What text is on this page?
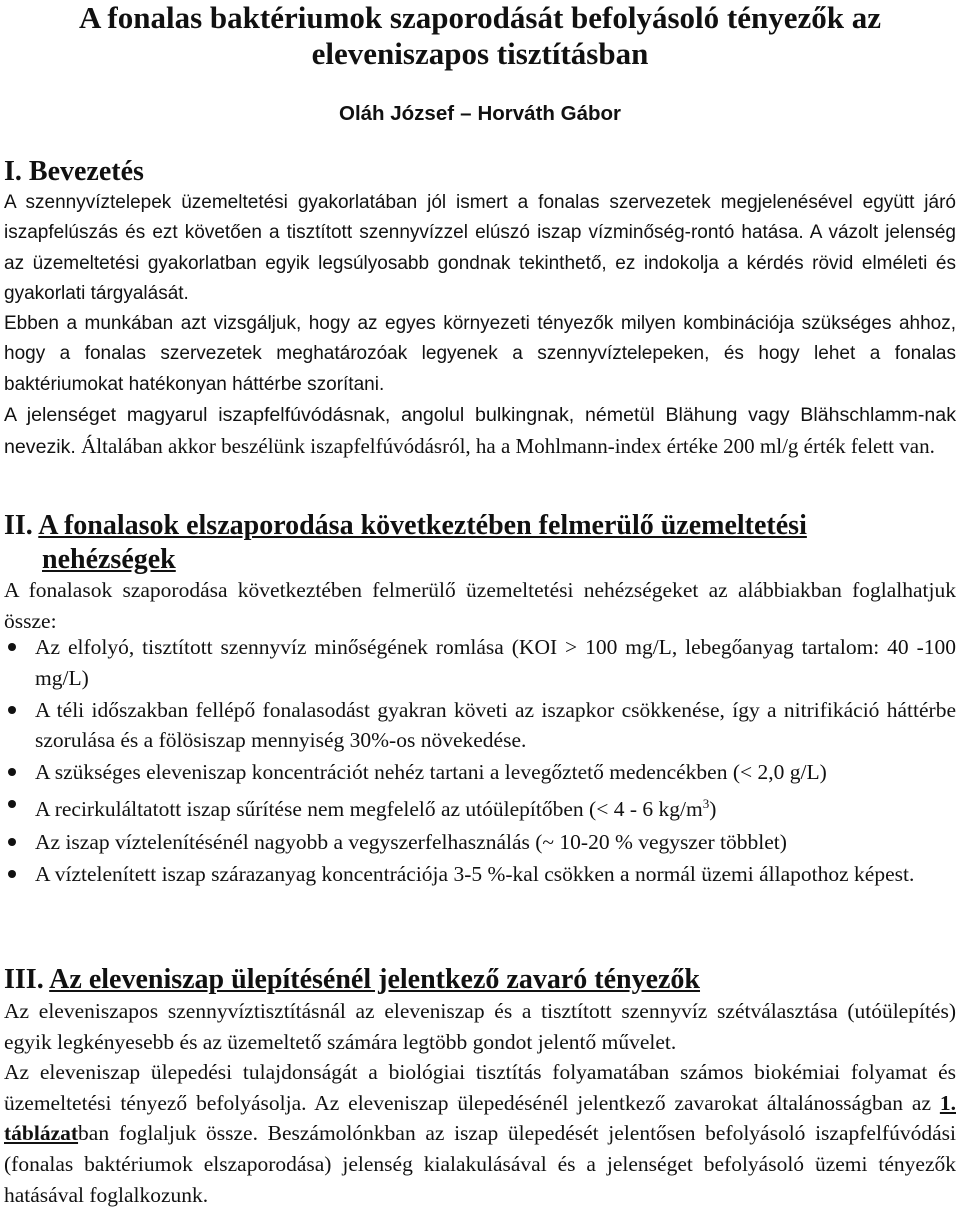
A fonalas baktériumok szaporodását befolyásoló tényezők az eleveniszapos tisztításban

Oláh József – Horváth Gábor

I. Bevezetés

A szennyvíztelepek üzemeltetési gyakorlatában jól ismert a fonalas szervezetek megjelenésével együtt járó iszapfelúszás és ezt követően a tisztított szennyvízzel elúszó iszap vízminőség-rontó hatása. A vázolt jelenség az üzemeltetési gyakorlatban egyik legsúlyosabb gondnak tekinthető, ez indokolja a kérdés rövid elméleti és gyakorlati tárgyalását.

Ebben a munkában azt vizsgáljuk, hogy az egyes környezeti tényezők milyen kombinációja szükséges ahhoz, hogy a fonalas szervezetek meghatározóak legyenek a szennyvíztelepeken, és hogy lehet a fonalas baktériumokat hatékonyan háttérbe szorítani.

A jelenséget magyarul iszapfelfúvódásnak, angolul bulkingnak, németül Blähung vagy Blähschlamm-nak nevezik. Általában akkor beszélünk iszapfelfúvódásról, ha a Mohlmann-index értéke 200 ml/g érték felett van.

II. A fonalasok elszaporodása következtében felmerülő üzemeltetési
nehézségek

A fonalasok szaporodása következtében felmerülő üzemeltetési nehézségeket az alábbiakban foglalhatjuk össze:

Az elfolyó, tisztított szennyvíz minőségének romlása (KOI > 100 mg/L, lebegőanyag tartalom: 40 -100 mg/L)
A téli időszakban fellépő fonalasodást gyakran követi az iszapkor csökkenése, így a nitrifikáció háttérbe szorulása és a fölösiszap mennyiség 30%-os növekedése.
A szükséges eleveniszap koncentrációt nehéz tartani a levegőztető medencékben (< 2,0 g/L)
A recirkuláltatott iszap sűrítése nem megfelelő az utóülepítőben (< 4 - 6 $kg/m^3$)
Az iszap víztelenítésénél nagyobb a vegyszerfelhasználás (~ 10-20 % vegyszer többlet)
A víztelenített iszap szárazanyag koncentrációja 3-5 %-kal csökken a normál üzemi állapothoz képest.
III. Az eleveniszap ülepítésénél jelentkező zavaró tényezők

Az eleveniszapos szennyvíztisztításnál az eleveniszap és a tisztított szennyvíz szétválasztása (utóülepítés) egyik legkényesebb és az üzemeltető számára legtöbb gondot jelentő művelet.

Az eleveniszap ülepedési tulajdonságát a biológiai tisztítás folyamatában számos biokémiai folyamat és üzemeltetési tényező befolyásolja. Az eleveniszap ülepedésénél jelentkező zavarokat általánosságban az 1. táblázatban foglaljuk össze. Beszámolónkban az iszap ülepedését jelentősen befolyásoló iszapfelfúvódási (fonalas baktériumok elszaporodása) jelenség kialakulásával és a jelenséget befolyásoló üzemi tényezők hatásával foglalkozunk.
